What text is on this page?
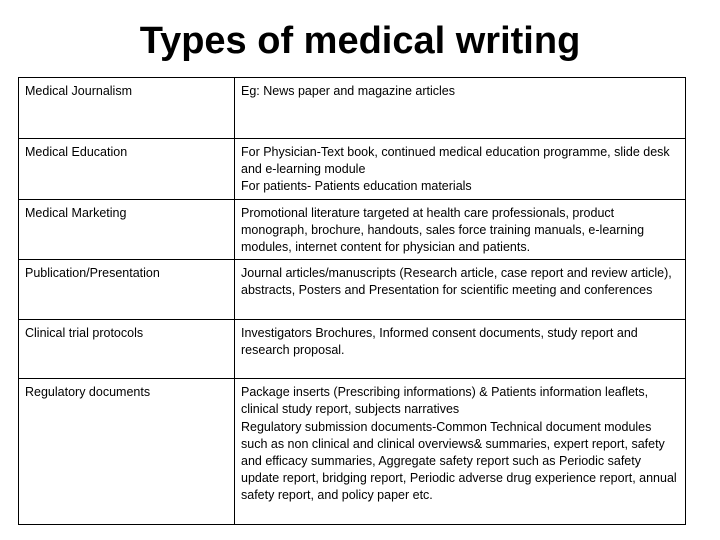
Types of medical writing
Medical Journalism	Eg: News paper and magazine articles

Medical Education	For Physician-Text book, continued medical education programme, slide desk and e-learning module
For patients- Patients education materials

Medical Marketing	Promotional literature targeted at health care professionals, product monograph, brochure, handouts, sales force training manuals, e-learning modules, internet content for physician and patients.

Publication/Presentation	Journal articles/manuscripts (Research article, case report and review article), abstracts, Posters and Presentation for scientific meeting and conferences

Clinical trial protocols	Investigators Brochures, Informed consent documents, study report and research proposal.

Regulatory documents	Package inserts (Prescribing informations) & Patients information leaflets, clinical study report, subjects narratives
Regulatory submission documents-Common Technical document modules such as non clinical and clinical overviews& summaries, expert report, safety and efficacy summaries, Aggregate safety report such as Periodic safety update report, bridging report, Periodic adverse drug experience report, annual safety report, and policy paper etc.
